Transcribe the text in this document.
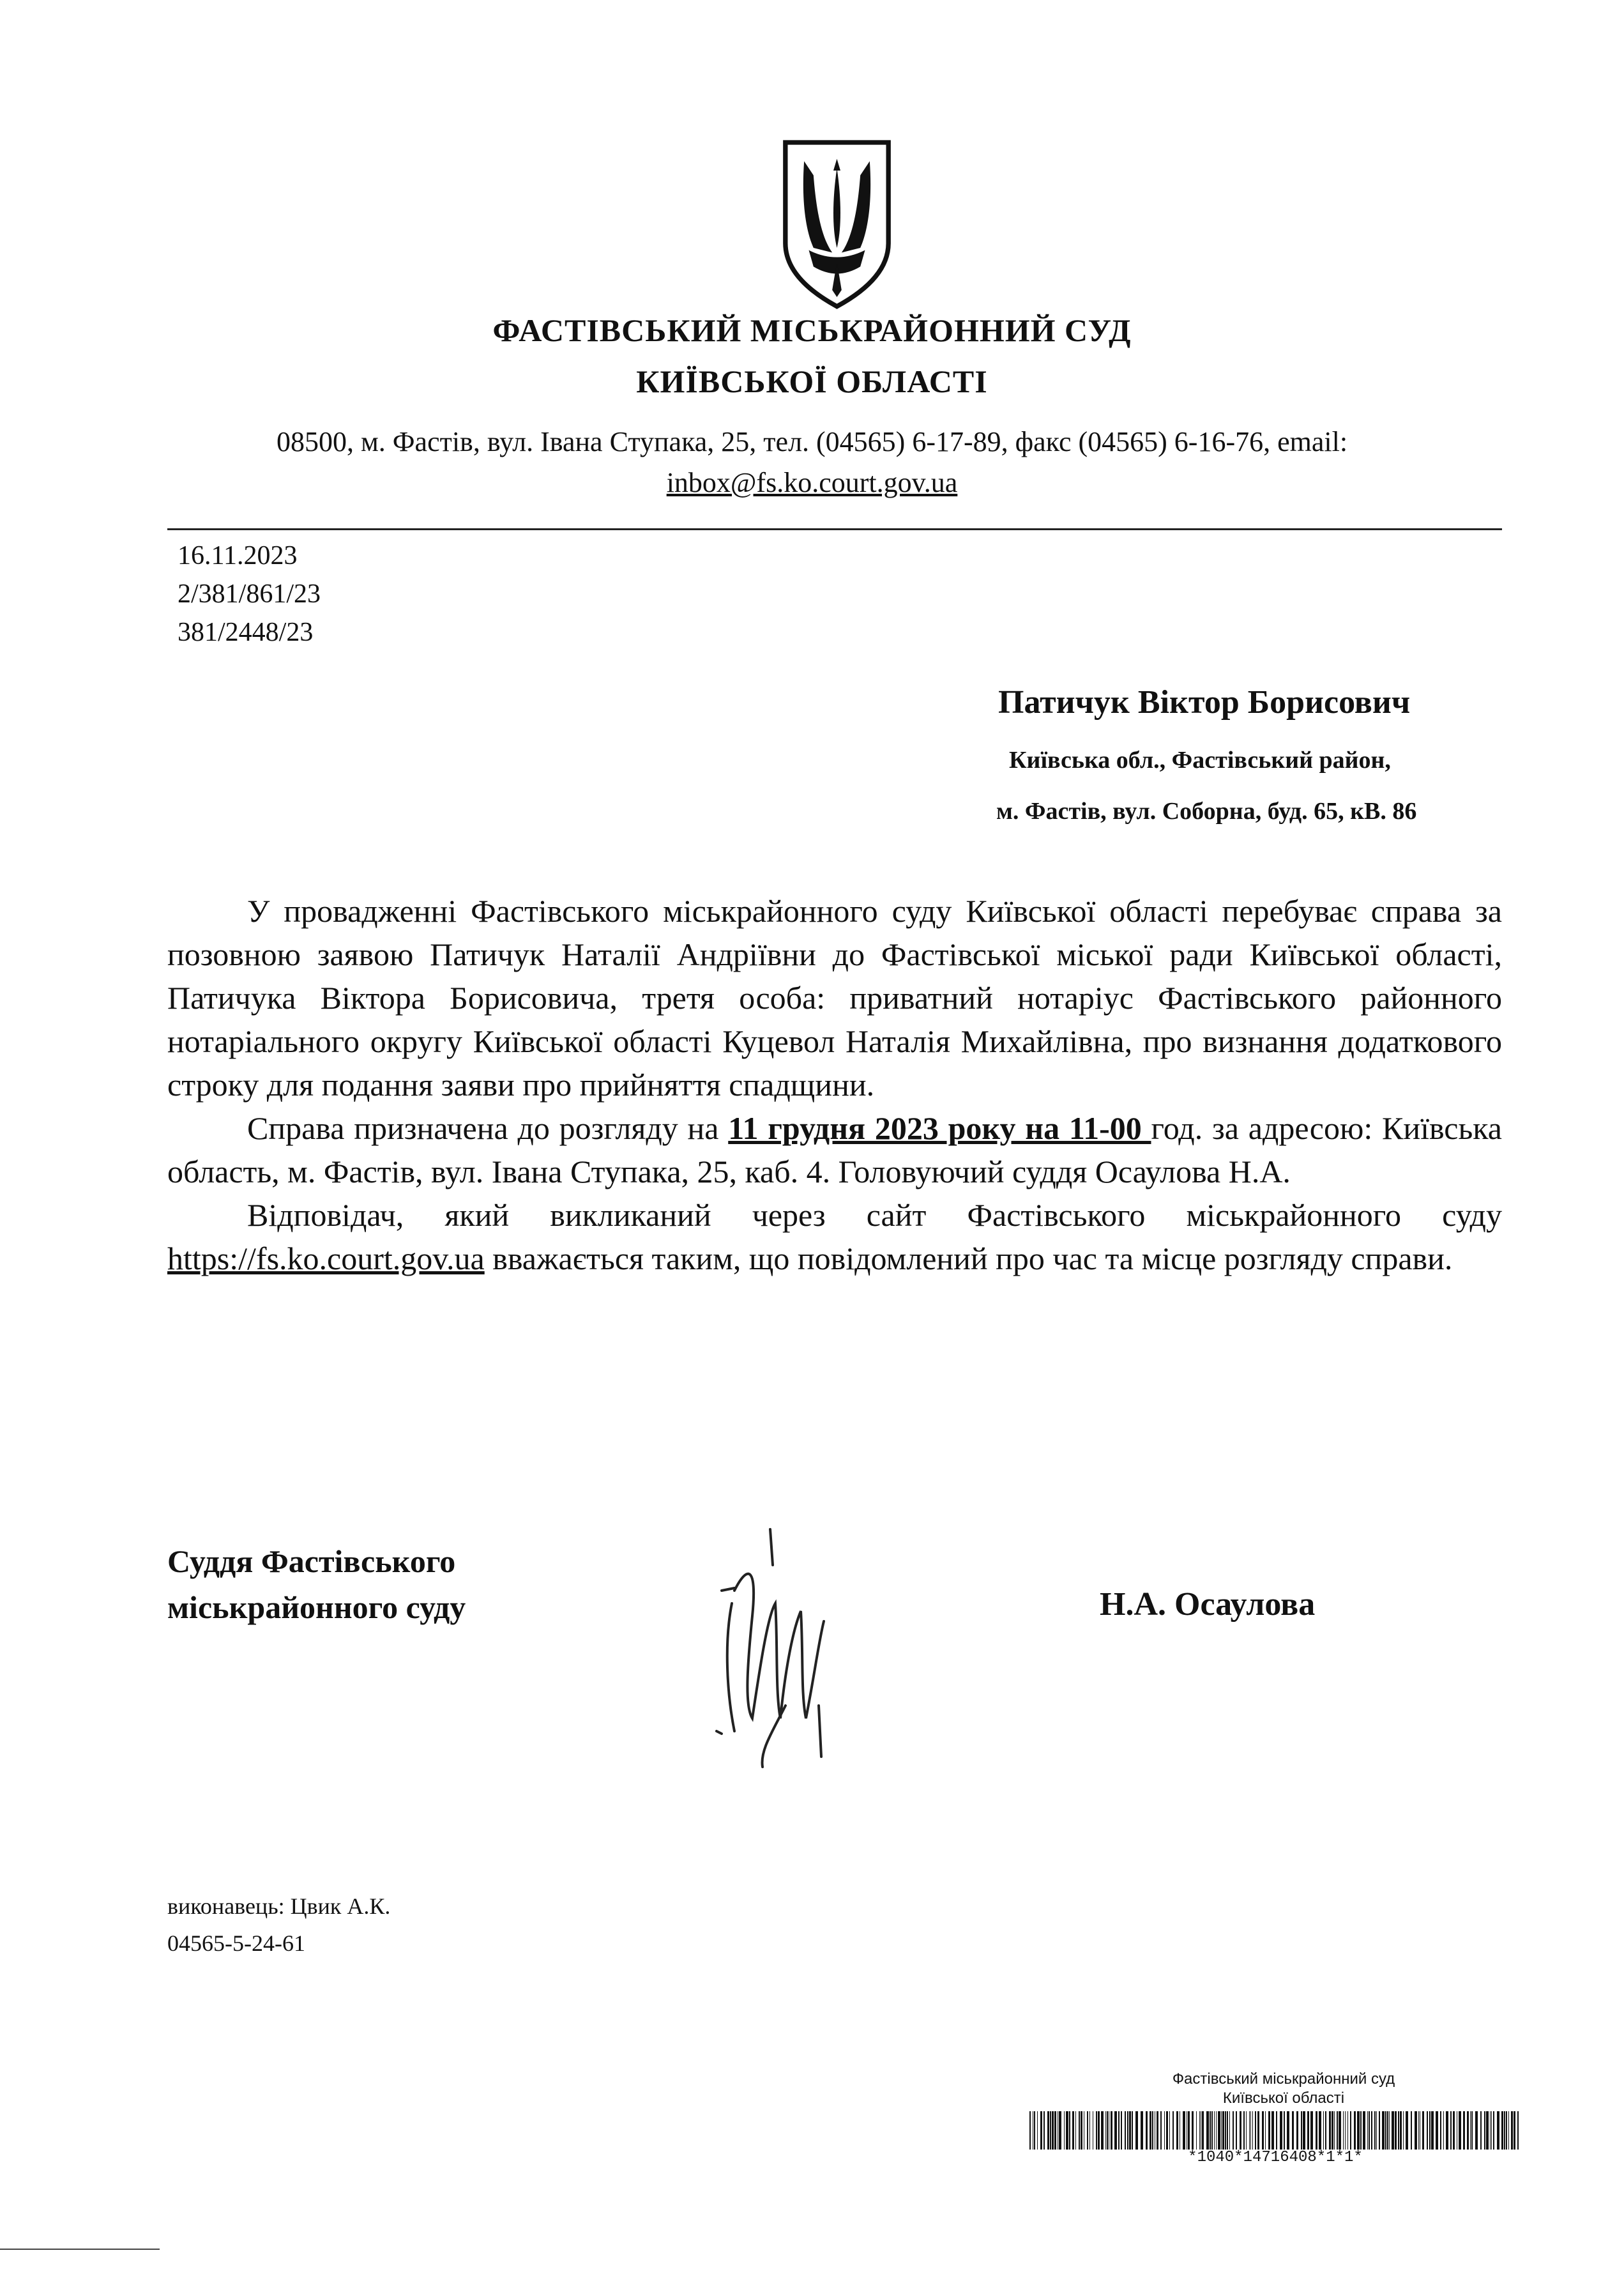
ФАСТІВСЬКИЙ МІСЬКРАЙОННИЙ СУД
КИЇВСЬКОЇ ОБЛАСТІ
08500, м. Фастів, вул. Івана Ступака, 25, тел. (04565) 6-17-89, факс (04565) 6-16-76, email:
inbox@fs.ko.court.gov.ua
16.11.2023
2/381/861/23
381/2448/23
Патичук Віктор Борисович
Київська обл., Фастівський район,
м. Фастів, вул. Соборна, буд. 65, кВ. 86

У провадженні Фастівського міськрайонного суду Київської області перебуває справа за позовною заявою Патичук Наталії Андріївни до Фастівської міської ради Київської області, Патичука Віктора Борисовича, третя особа: приватний нотаріус Фастівського районного нотаріального округу Київської області Куцевол Наталія Михайлівна, про визнання додаткового строку для подання заяви про прийняття спадщини.

Справа призначена до розгляду на 11 грудня 2023 року на 11-00 год. за адресою: Київська область, м. Фастів, вул. Івана Ступака, 25, каб. 4. Головуючий суддя Осаулова Н.А.

Відповідач, який викликаний через сайт Фастівського міськрайонного суду https://fs.ko.court.gov.ua вважається таким, що повідомлений про час та місце розгляду справи.

Суддя Фастівського
міськрайонного суду	Н.А. Осаулова
виконавець: Цвик А.К.
04565-5-24-61
Фастівський міськрайонний суд
Київської області
*1040*14716408*1*1*
